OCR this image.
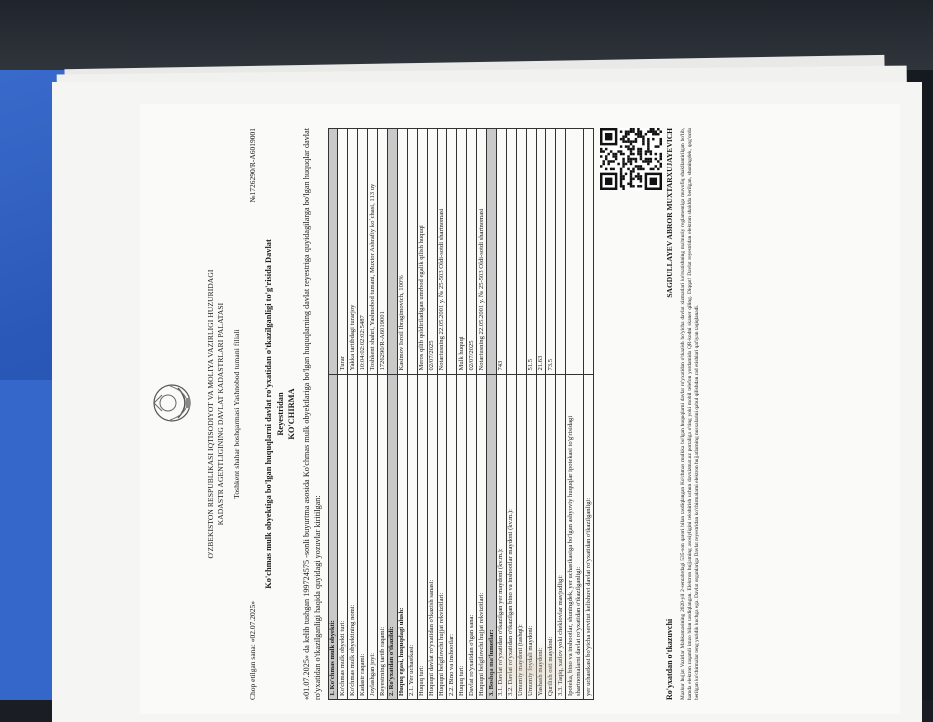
O'ZBEKISTON RESPUBLIKASI IQTISODIYOT VA MOLIYA VAZIRLIGI HUZURIDAGI KADASTR AGENTLIGINING DAVLAT KADASTRLARI PALATASI Toshkent shahar boshqarmasi Yashnobod tumani filiali
Chop etilgan sana: «02.07.2025»
№1726290/R-A6019001
Ko'chmas mulk obyektiga bo'lgan huquqlarni davlat ro'yxatidan o'tkazilganligi to'g'risida Davlat Reyestridan KO'CHIRMA «01.07.2025» da kelib tushgan 199724575 -sonli buyurtma asosida Ko'chmas mulk obyektlariga bo'lgan huquqlarning davlat reyestriga quyidagilarga bo'lgan huquqlar davlat ro'yxatidan o'tkazilganligi haqida quyidagi yozuvlar kiritilgan: 1. Ko'chmas mulk obyekti:	
Ko'chmas mulk obyekti turi:	Turar
Ko'chmas mulk obyektining nomi:	Yakka tartibdagi turarjoy
Kadastr raqami:	10:04:02:02:02:5487
Joylashgan joyi:	Toshkent shahri, Yashnobod tumani, Muxtor Ashrafiy ko`chasi, 113 uy
Reyestrning tartib raqami:	1726290/R-A6019001
2. Ro'yxatdan o'tkazildi:	
Huquq egasi, huquqdagi ulush:	Kasimov Isroil Ibragimovich, 100%
2.1. Yer uchastkasi:	
Huquq turi:	Meros qilib qoldiriladigan umrbod egalik qilish huquqi
Huquqni davlat ro'yxatidan o'tkazish sanasi:	02/07/2025
Huquqni belgilovchi hujjat rekvizitlari:	Notariusning 22.05.2001 y. № 25-503 Oldi-sotdi shartnomasi
2.2. Bino va inshootlar:	
Huquq turi:	Mulk huquqi
Davlat ro'yxatidan o'tgan sana:	02/07/2025
Huquqni belgilovchi hujjat rekvizitlari:	Notariusning 22.05.2001 y. № 25-503 Oldi-sotdi shartnomasi
3. Boshqa ma'lumotlar:	
3.1. Davlat ro'yxatidan o'tkazilgan yer maydoni (kv.m.):	743
3.2. Davlat ro'yxatidan o'tkazilgan bino va inshootlar maydoni (kv.m.):	
Umumiy maydoni (tashqi):	
Umumiy foydali maydoni:	51.5
Yashash maydoni:	21.63
Qurilish osti maydoni:	73.5
3.3. Taqiq, xatlov yoki cheklovlar mavjudligi:	
Ipoteka, bino va inshootlar, shuningdek, yer uchastkasiga bo'lgan ashyoviy huquqlar ipotekasi to'g'risidagi shartnomalarni davlat ro'yxatidan o'tkazilganligi:	
yer uchastkasi bo'yicha servitut kelishuvi davlat ro'yxatidan o'tkazilganligi:		Ro'yxatdan o'tkazuvchi
SAGDULLAYEV ABROR MUXTARXUJAYEVICH Mazkur hujjat Vazirlar Mahkamasining 2020-yil 2-sentabrdagi 535-son qarori bilan tasdiqlangan Ko'chmas mulkka bo'lgan huquqlarni davlat ro'yxatidan o'tkazish bo'yicha davlat xizmatlari ko'rsatishning ma'muriy reglamentiga muvofiq shakllantirilgan bo'lib, hamda elektron raqamli imzo bilan tasdiqlangan. Elektron hujjatning asosiyligini tekshirish uchun davxizmat.uz portaliga o'ting yoki mobil telefon yordamida QR-kodni skaner qiling. Diqqat! Davlat reyestridan elektron shaklda berilgan, shuningdek, qog'ozda berilgan ko'chirmalar teng yuridik kuchga ega. Davlat organlariga Davlat reyestridan ko'chirmalarni elektron hujjatlarning nusxalarini qabul qilishdan rad etishlari qat'iyan taqiqlanadi.
